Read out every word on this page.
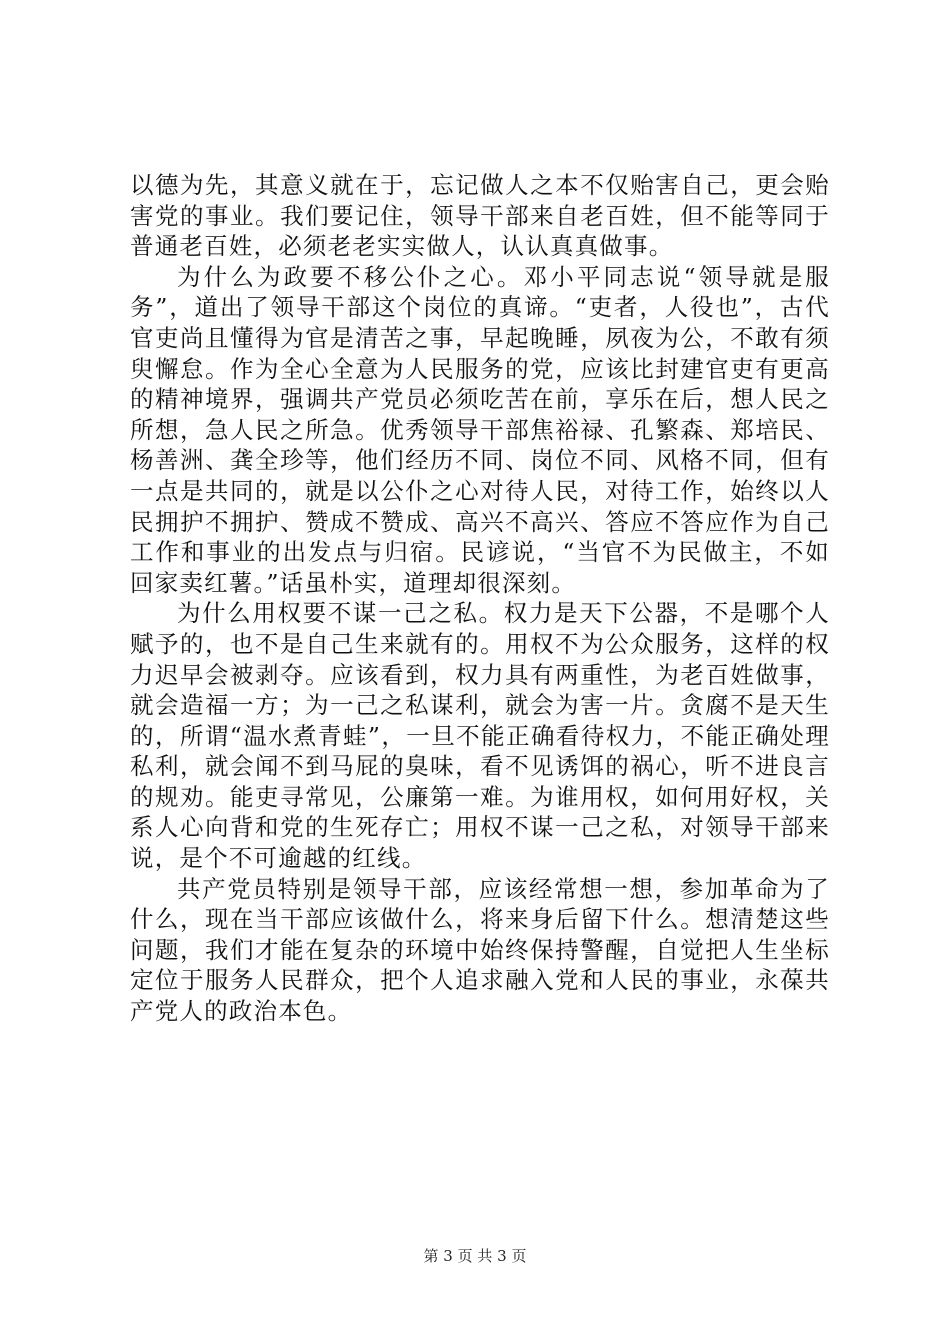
以德为先，其意义就在于，忘记做人之本不仅贻害自己，更会贻害党的事业。我们要记住，领导干部来自老百姓，但不能等同于普通老百姓，必须老老实实做人，认认真真做事。

为什么为政要不移公仆之心。邓小平同志说“领导就是服务”，道出了领导干部这个岗位的真谛。“吏者，人役也”，古代官吏尚且懂得为官是清苦之事，早起晚睡，夙夜为公，不敢有须臾懈怠。作为全心全意为人民服务的党，应该比封建官吏有更高的精神境界，强调共产党员必须吃苦在前，享乐在后，想人民之所想，急人民之所急。优秀领导干部焦裕禄、孔繁森、郑培民、杨善洲、龚全珍等，他们经历不同、岗位不同、风格不同，但有一点是共同的，就是以公仆之心对待人民，对待工作，始终以人民拥护不拥护、赞成不赞成、高兴不高兴、答应不答应作为自己工作和事业的出发点与归宿。民谚说，“当官不为民做主，不如回家卖红薯。”话虽朴实，道理却很深刻。

为什么用权要不谋一己之私。权力是天下公器，不是哪个人赋予的，也不是自己生来就有的。用权不为公众服务，这样的权力迟早会被剥夺。应该看到，权力具有两重性，为老百姓做事，就会造福一方；为一己之私谋利，就会为害一片。贪腐不是天生的，所谓“温水煮青蛙”，一旦不能正确看待权力，不能正确处理私利，就会闻不到马屁的臭味，看不见诱饵的祸心，听不进良言的规劝。能吏寻常见，公廉第一难。为谁用权，如何用好权，关系人心向背和党的生死存亡；用权不谋一己之私，对领导干部来说，是个不可逾越的红线。

共产党员特别是领导干部，应该经常想一想，参加革命为了什么，现在当干部应该做什么，将来身后留下什么。想清楚这些问题，我们才能在复杂的环境中始终保持警醒，自觉把人生坐标定位于服务人民群众，把个人追求融入党和人民的事业，永葆共产党人的政治本色。

第 3 页 共 3 页
